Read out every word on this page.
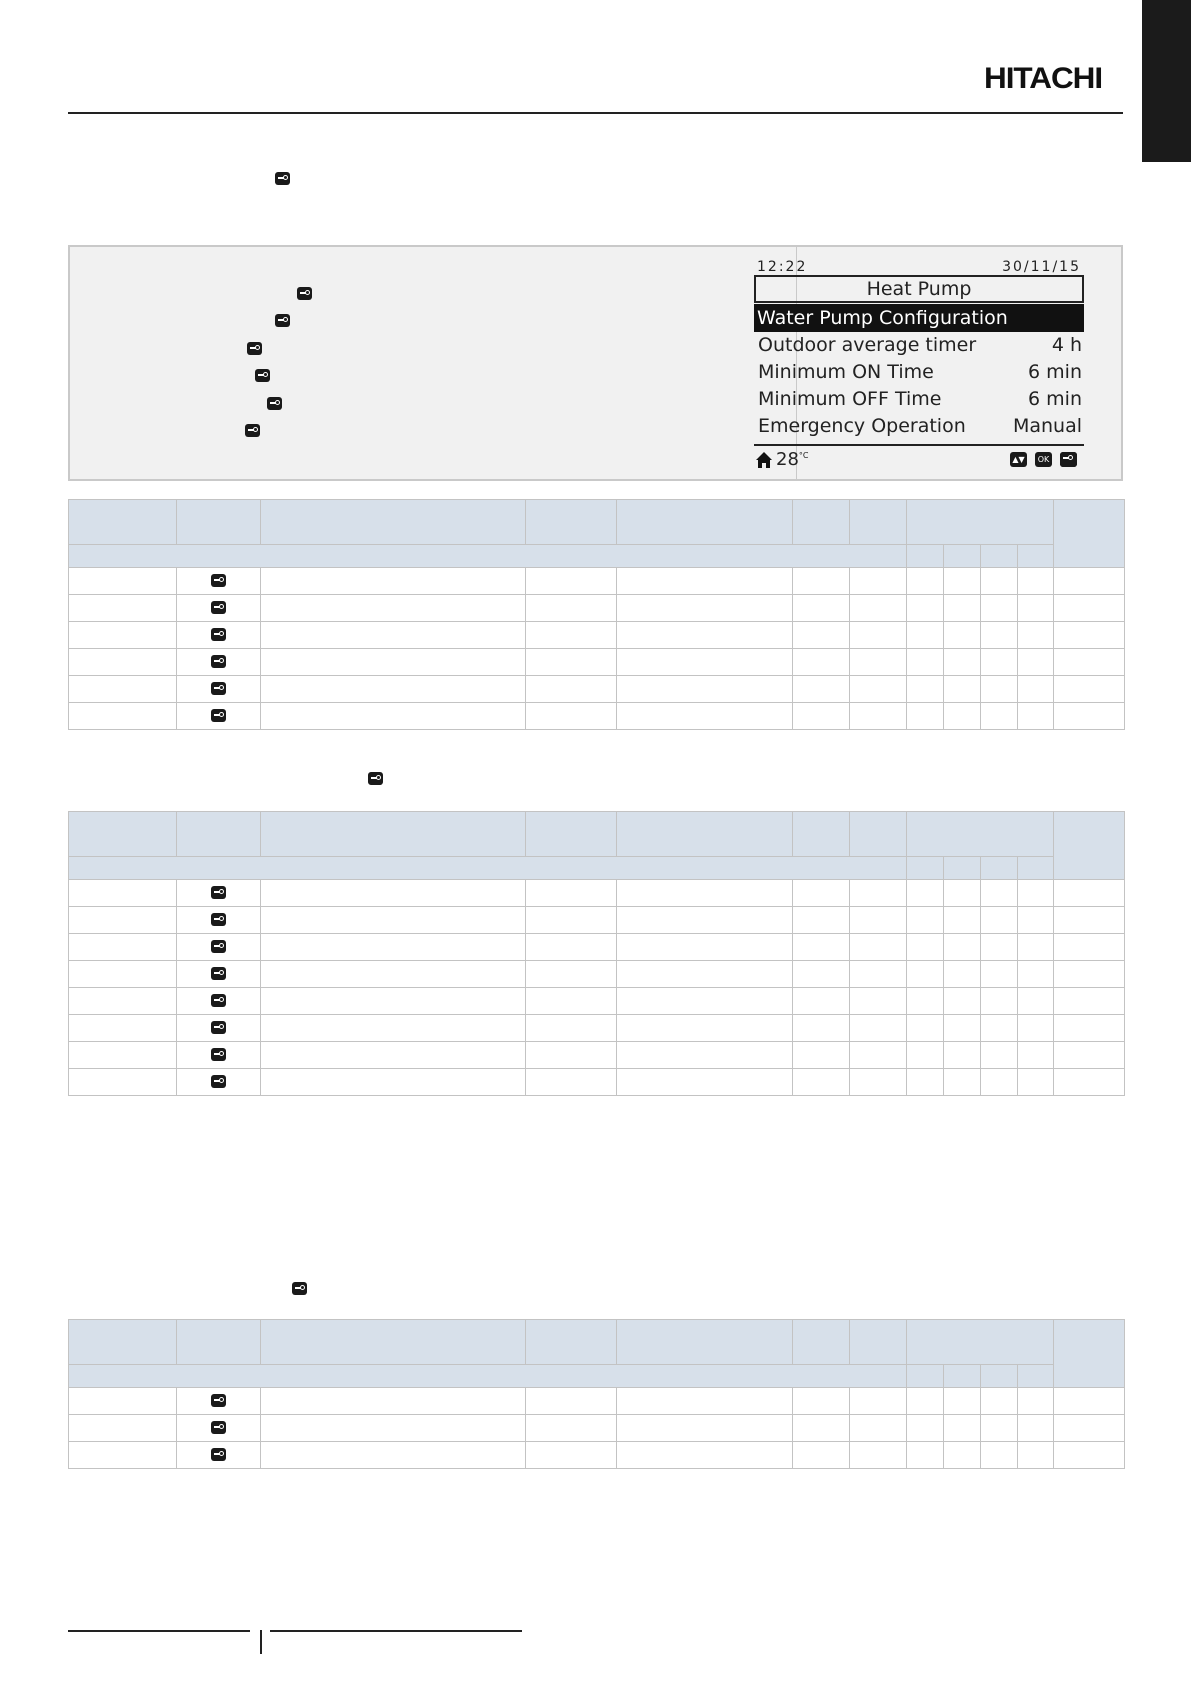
HITACHI
12:22	30/11/15
Heat Pump
Water Pump Configuration
Outdoor average timer	4 h
Minimum ON Time	6 min
Minimum OFF Time	6 min
Emergency Operation Manual
$28^{^\circ C}$	▲▼	OK
